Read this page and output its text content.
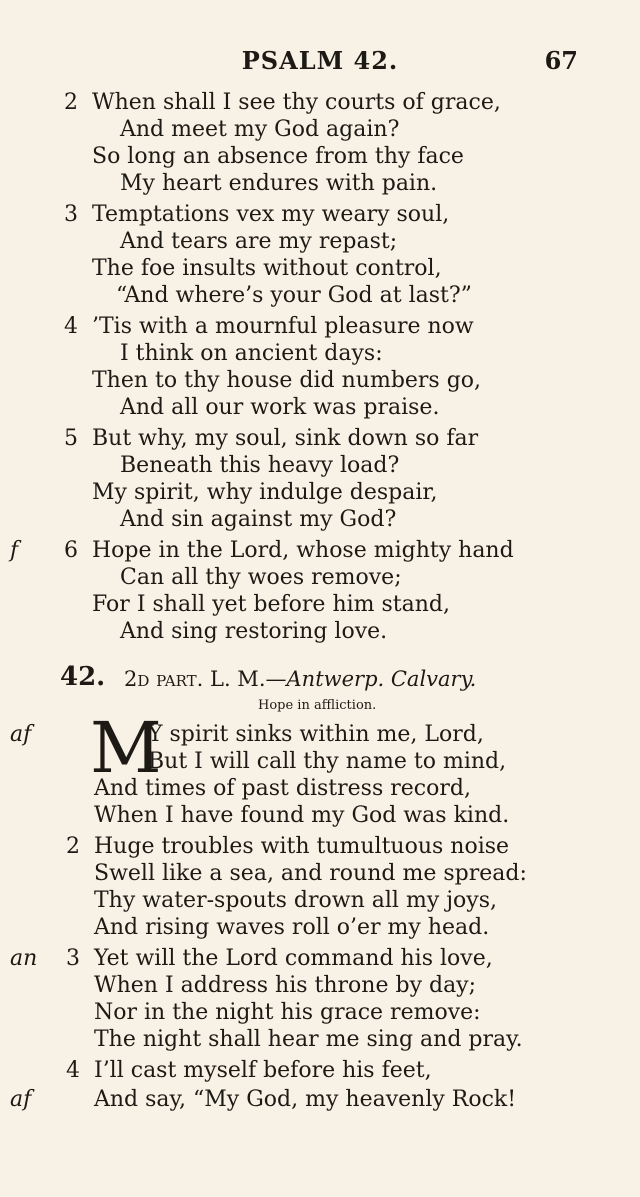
PSALM 42.	67
2 When shall I see thy courts of grace,
And meet my God again?
So long an absence from thy face
My heart endures with pain.
3 Temptations vex my weary soul,
And tears are my repast;
The foe insults without control,
“And where’s your God at last?”
4 ’Tis with a mournful pleasure now
I think on ancient days:
Then to thy house did numbers go,
And all our work was praise.
5 But why, my soul, sink down so far
Beneath this heavy load?
My spirit, why indulge despair,
And sin against my God?
f 6 Hope in the Lord, whose mighty hand
Can all thy woes remove;
For I shall yet before him stand,
And sing restoring love.
42. 2d part. L. M.—Antwerp. Calvary.
Hope in affliction.
af M
Y spirit sinks within me, Lord,
But I will call thy name to mind,
And times of past distress record,
When I have found my God was kind.
2 Huge troubles with tumultuous noise
Swell like a sea, and round me spread:
Thy water-spouts drown all my joys,
And rising waves roll o’er my head.
an 3 Yet will the Lord command his love,
When I address his throne by day;
Nor in the night his grace remove:
The night shall hear me sing and pray.
4 I’ll cast myself before his feet,
af	And say, “My God, my heavenly Rock!
